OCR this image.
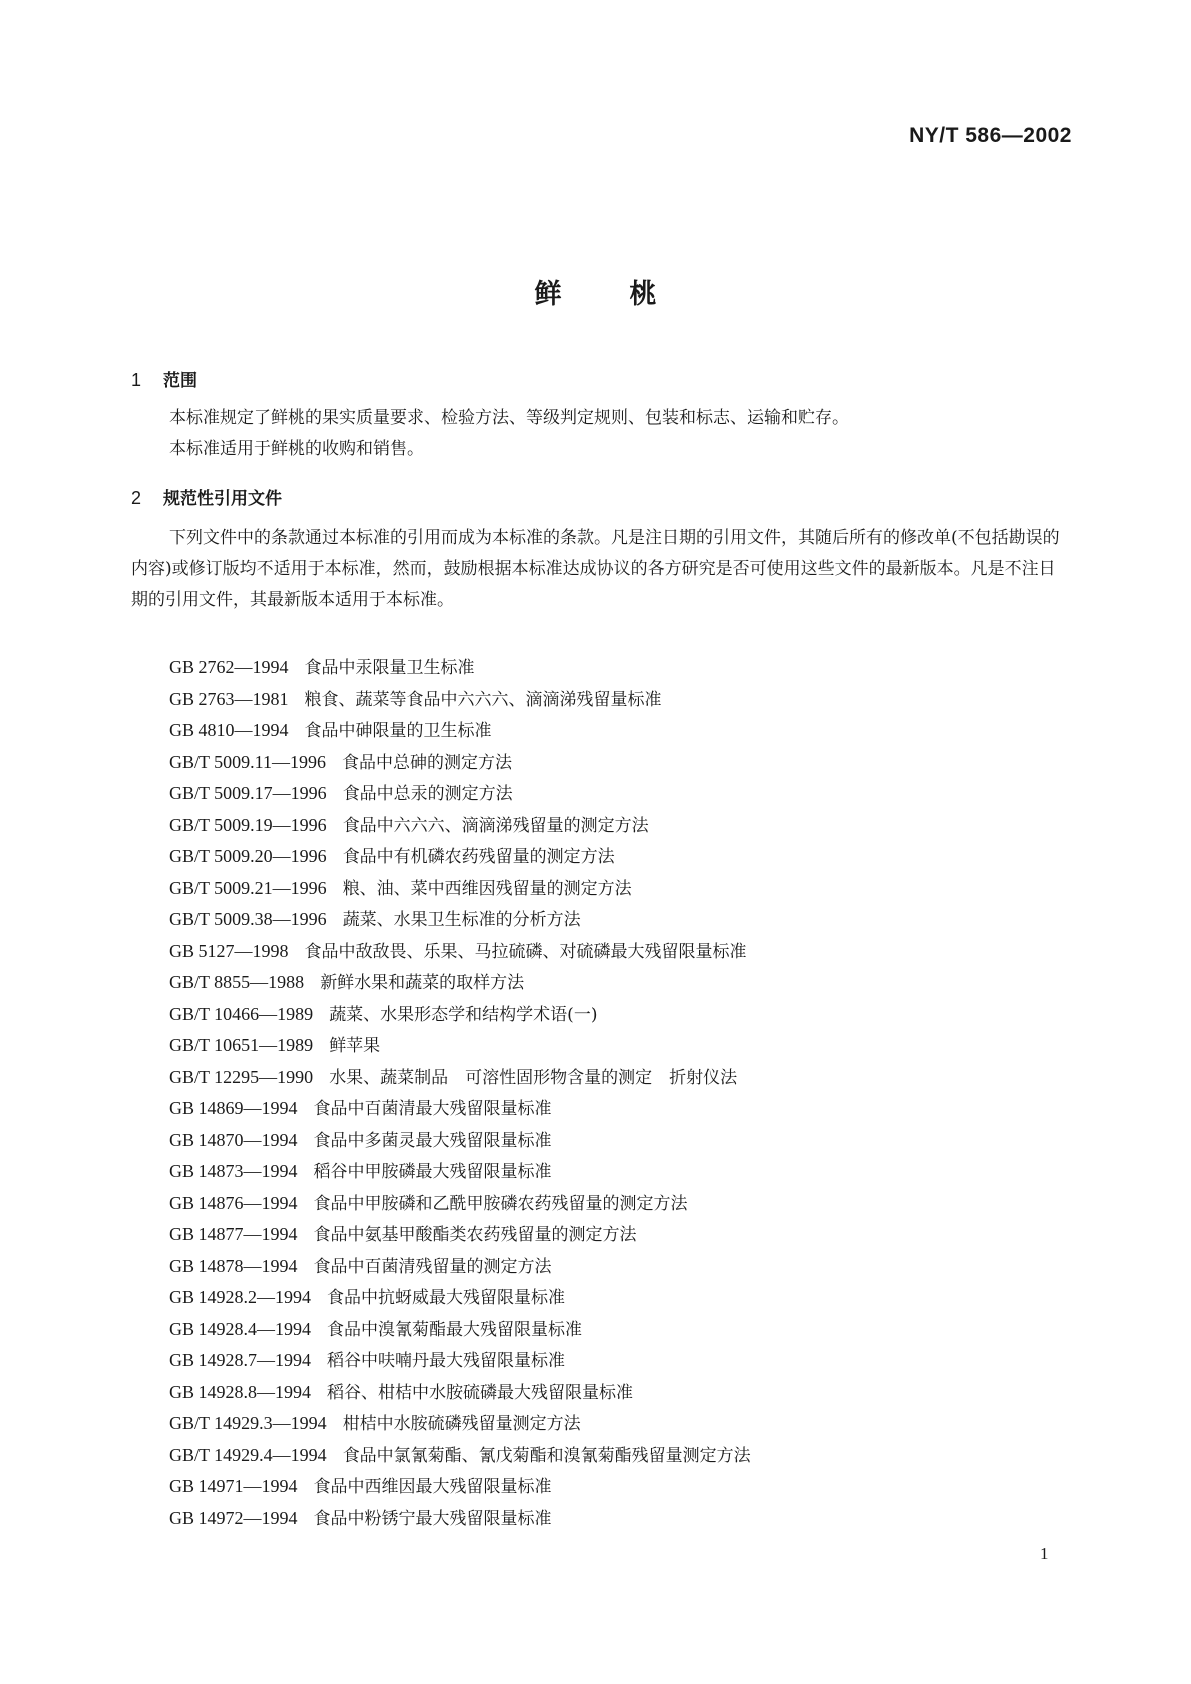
NY/T 586—2002
鲜	桃
1 范围

本标准规定了鲜桃的果实质量要求、检验方法、等级判定规则、包装和标志、运输和贮存。

本标准适用于鲜桃的收购和销售。

2 规范性引用文件

下列文件中的条款通过本标准的引用而成为本标准的条款。凡是注日期的引用文件，其随后所有的修改单(不包括勘误的内容)或修订版均不适用于本标准，然而，鼓励根据本标准达成协议的各方研究是否可使用这些文件的最新版本。凡是不注日期的引用文件，其最新版本适用于本标准。

GB 2762—1994 食品中汞限量卫生标准
GB 2763—1981 粮食、蔬菜等食品中六六六、滴滴涕残留量标准
GB 4810—1994 食品中砷限量的卫生标准
GB/T 5009.11—1996 食品中总砷的测定方法
GB/T 5009.17—1996 食品中总汞的测定方法
GB/T 5009.19—1996 食品中六六六、滴滴涕残留量的测定方法
GB/T 5009.20—1996 食品中有机磷农药残留量的测定方法
GB/T 5009.21—1996 粮、油、菜中西维因残留量的测定方法
GB/T 5009.38—1996 蔬菜、水果卫生标准的分析方法
GB 5127—1998 食品中敌敌畏、乐果、马拉硫磷、对硫磷最大残留限量标准
GB/T 8855—1988 新鲜水果和蔬菜的取样方法
GB/T 10466—1989 蔬菜、水果形态学和结构学术语(一)
GB/T 10651—1989 鲜苹果
GB/T 12295—1990 水果、蔬菜制品　可溶性固形物含量的测定　折射仪法
GB 14869—1994 食品中百菌清最大残留限量标准
GB 14870—1994 食品中多菌灵最大残留限量标准
GB 14873—1994 稻谷中甲胺磷最大残留限量标准
GB 14876—1994 食品中甲胺磷和乙酰甲胺磷农药残留量的测定方法
GB 14877—1994 食品中氨基甲酸酯类农药残留量的测定方法
GB 14878—1994 食品中百菌清残留量的测定方法
GB 14928.2—1994 食品中抗蚜威最大残留限量标准
GB 14928.4—1994 食品中溴氰菊酯最大残留限量标准
GB 14928.7—1994 稻谷中呋喃丹最大残留限量标准
GB 14928.8—1994 稻谷、柑桔中水胺硫磷最大残留限量标准
GB/T 14929.3—1994 柑桔中水胺硫磷残留量测定方法
GB/T 14929.4—1994 食品中氯氰菊酯、氰戊菊酯和溴氰菊酯残留量测定方法
GB 14971—1994 食品中西维因最大残留限量标准
GB 14972—1994 食品中粉锈宁最大残留限量标准
1
